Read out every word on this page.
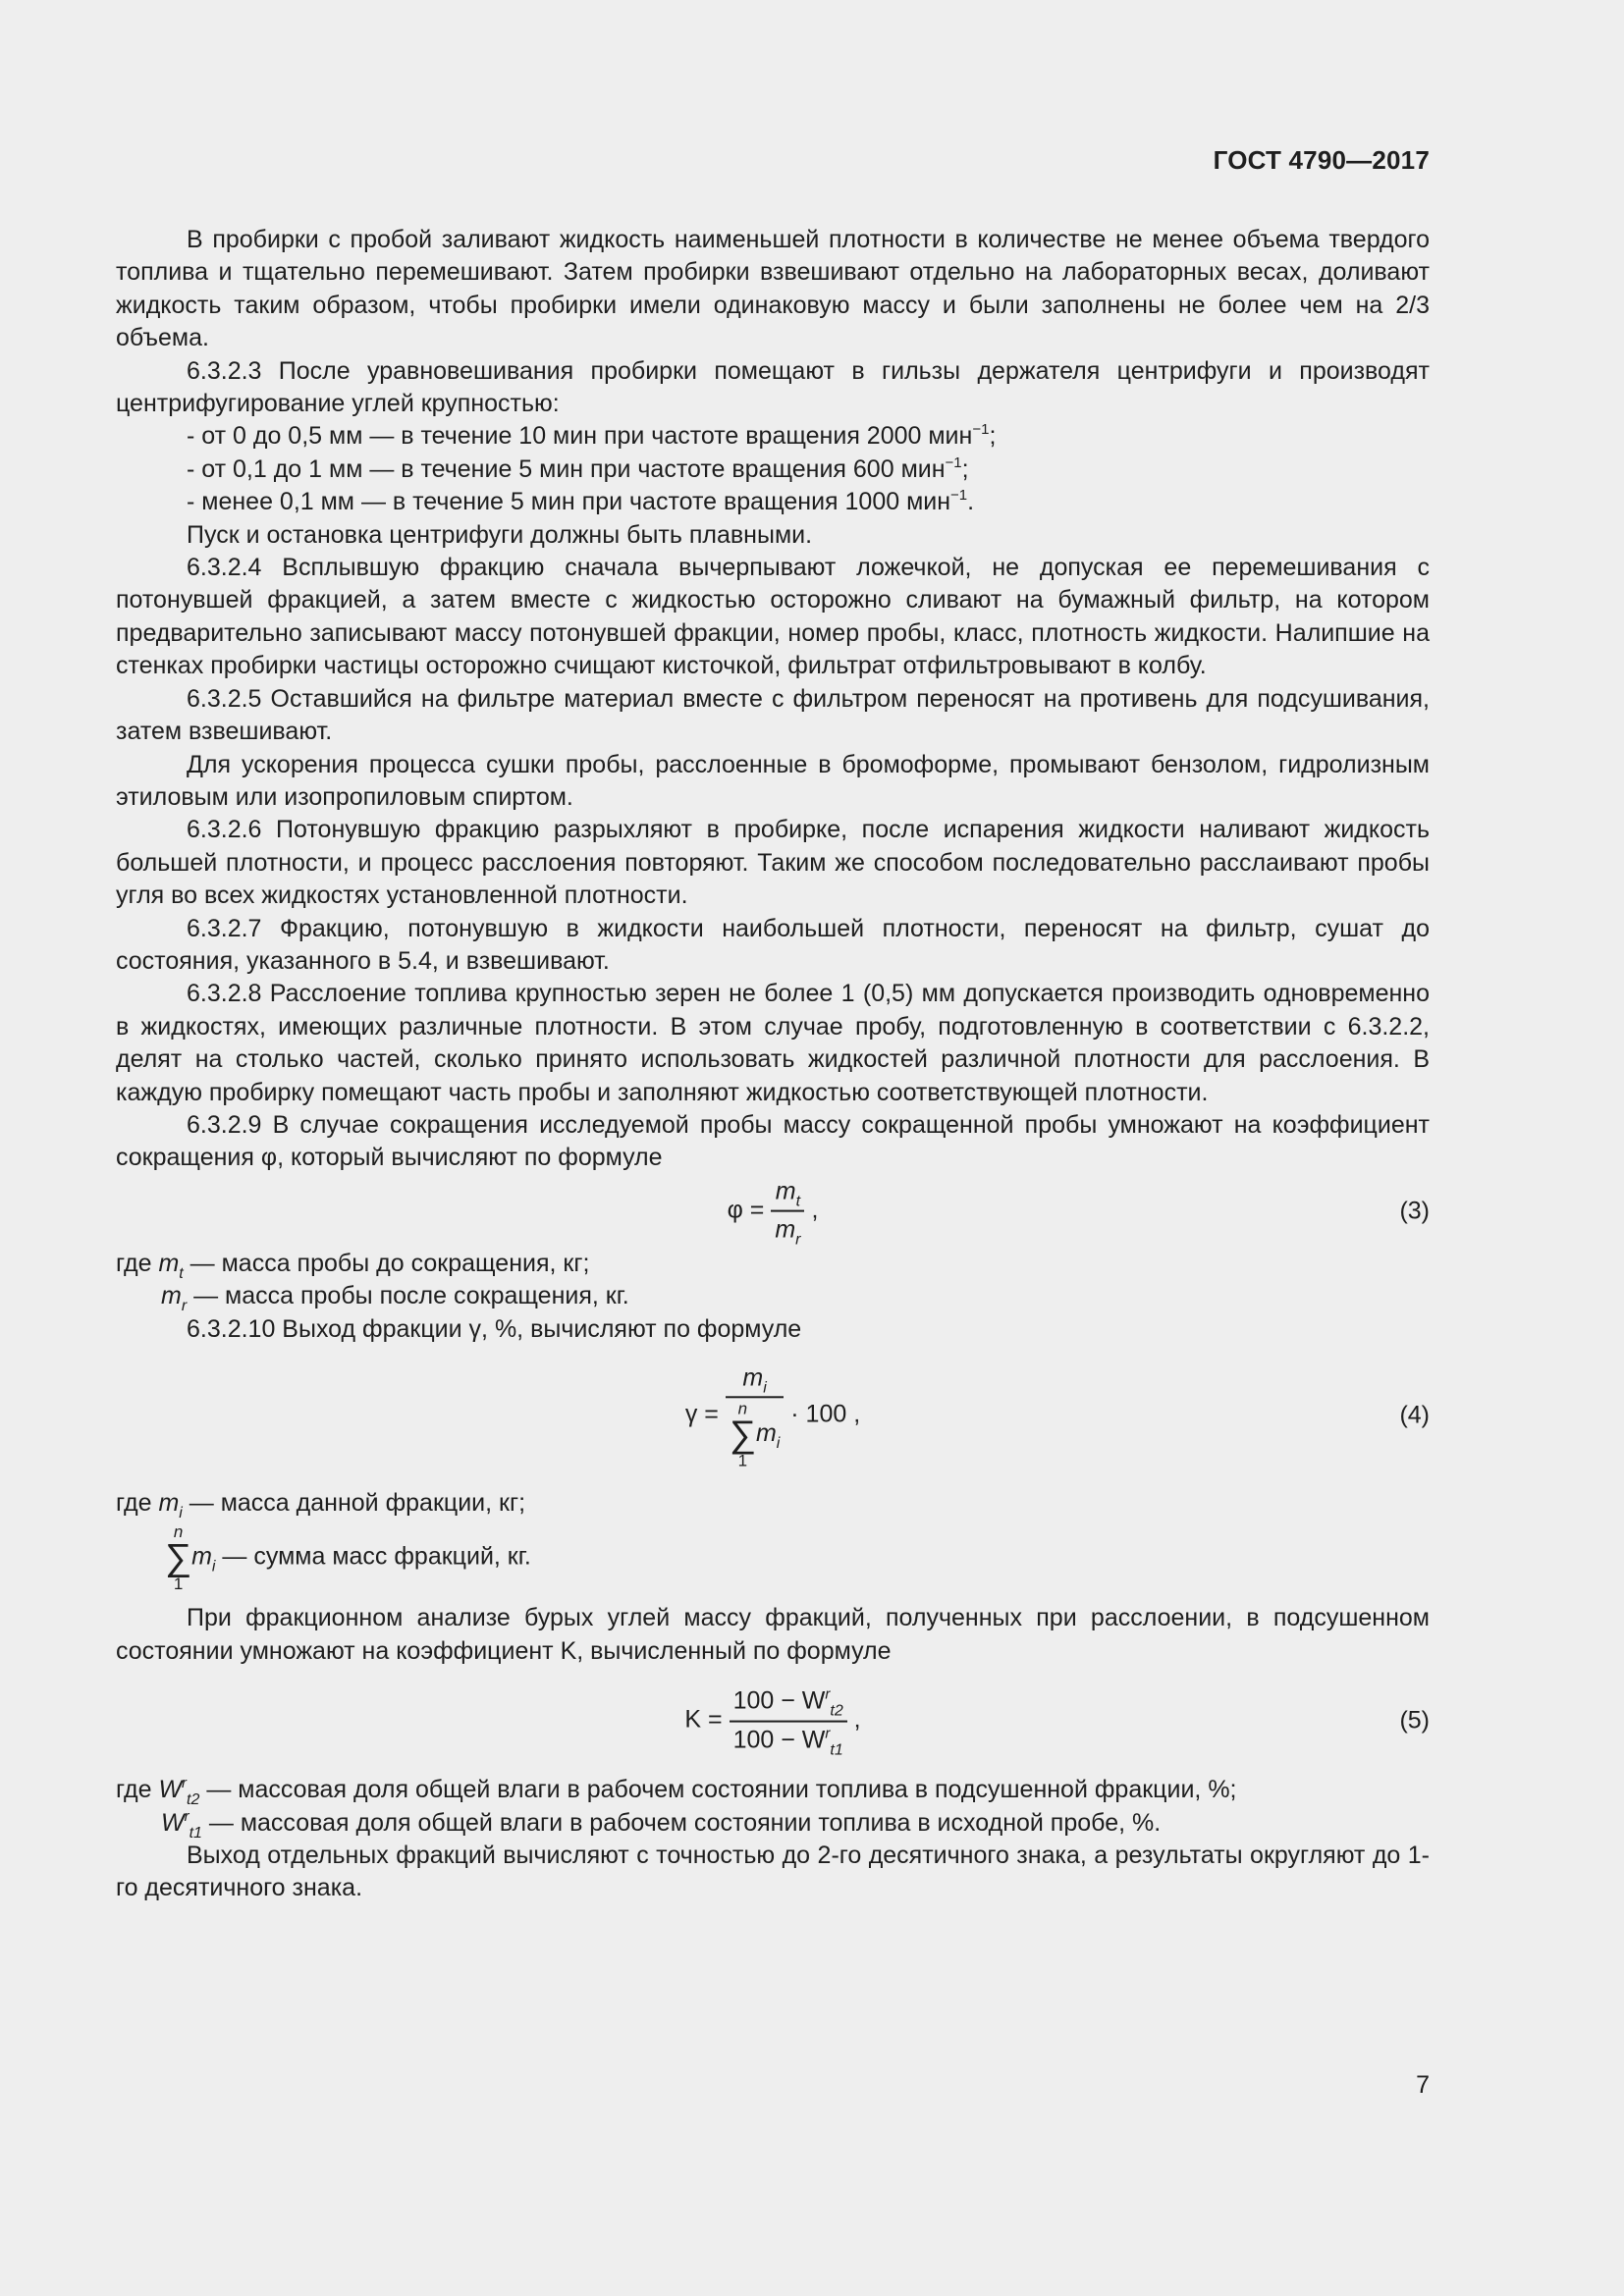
ГОСТ 4790—2017

В пробирки с пробой заливают жидкость наименьшей плотности в количестве не менее объема твердого топлива и тщательно перемешивают. Затем пробирки взвешивают отдельно на лабораторных весах, доливают жидкость таким образом, чтобы пробирки имели одинаковую массу и были заполнены не более чем на 2/3 объема.

6.3.2.3 После уравновешивания пробирки помещают в гильзы держателя центрифуги и производят центрифугирование углей крупностью:

- от 0 до 0,5 мм — в течение 10 мин при частоте вращения 2000 мин$^{-1}$;

- от 0,1 до 1 мм — в течение 5 мин при частоте вращения 600 мин$^{-1}$;

- менее 0,1 мм — в течение 5 мин при частоте вращения 1000 мин$^{-1}$.

Пуск и остановка центрифуги должны быть плавными.

6.3.2.4 Всплывшую фракцию сначала вычерпывают ложечкой, не допуская ее перемешивания с потонувшей фракцией, а затем вместе с жидкостью осторожно сливают на бумажный фильтр, на котором предварительно записывают массу потонувшей фракции, номер пробы, класс, плотность жидкости. Налипшие на стенках пробирки частицы осторожно счищают кисточкой, фильтрат отфильтровывают в колбу.

6.3.2.5 Оставшийся на фильтре материал вместе с фильтром переносят на противень для подсушивания, затем взвешивают.

Для ускорения процесса сушки пробы, расслоенные в бромоформе, промывают бензолом, гидролизным этиловым или изопропиловым спиртом.

6.3.2.6 Потонувшую фракцию разрыхляют в пробирке, после испарения жидкости наливают жидкость большей плотности, и процесс расслоения повторяют. Таким же способом последовательно расслаивают пробы угля во всех жидкостях установленной плотности.

6.3.2.7 Фракцию, потонувшую в жидкости наибольшей плотности, переносят на фильтр, сушат до состояния, указанного в 5.4, и взвешивают.

6.3.2.8 Расслоение топлива крупностью зерен не более 1 (0,5) мм допускается производить одновременно в жидкостях, имеющих различные плотности. В этом случае пробу, подготовленную в соответствии с 6.3.2.2, делят на столько частей, сколько принято использовать жидкостей различной плотности для расслоения. В каждую пробирку помещают часть пробы и заполняют жидкостью соответствующей плотности.

6.3.2.9 В случае сокращения исследуемой пробы массу сокращенной пробы умножают на коэффициент сокращения φ, который вычисляют по формуле

$\varphi = \frac{m_t}{m_r}$ ,	(3)

где $m_t$ — масса пробы до сокращения, кг;

$m_r$ — масса пробы после сокращения, кг.

6.3.2.10 Выход фракции γ, %, вычисляют по формуле

$\gamma = m_i$
n
∑
1
$m_i \cdot 100$ ,	(4)

где $m_i$ — масса данной фракции, кг;

n
∑
1
$m_i$ — сумма масс фракций, кг.

При фракционном анализе бурых углей массу фракций, полученных при расслоении, в подсушенном состоянии умножают на коэффициент K, вычисленный по формуле

$K = \frac{100 - W^r_{t2}}{100 - W^r_{t1}}$ ,	(5)

где $W^r_{t2}$ — массовая доля общей влаги в рабочем состоянии топлива в подсушенной фракции, %;

$W^r_{t1}$ — массовая доля общей влаги в рабочем состоянии топлива в исходной пробе, %.

Выход отдельных фракций вычисляют с точностью до 2-го десятичного знака, а результаты округляют до 1-го десятичного знака.

7
